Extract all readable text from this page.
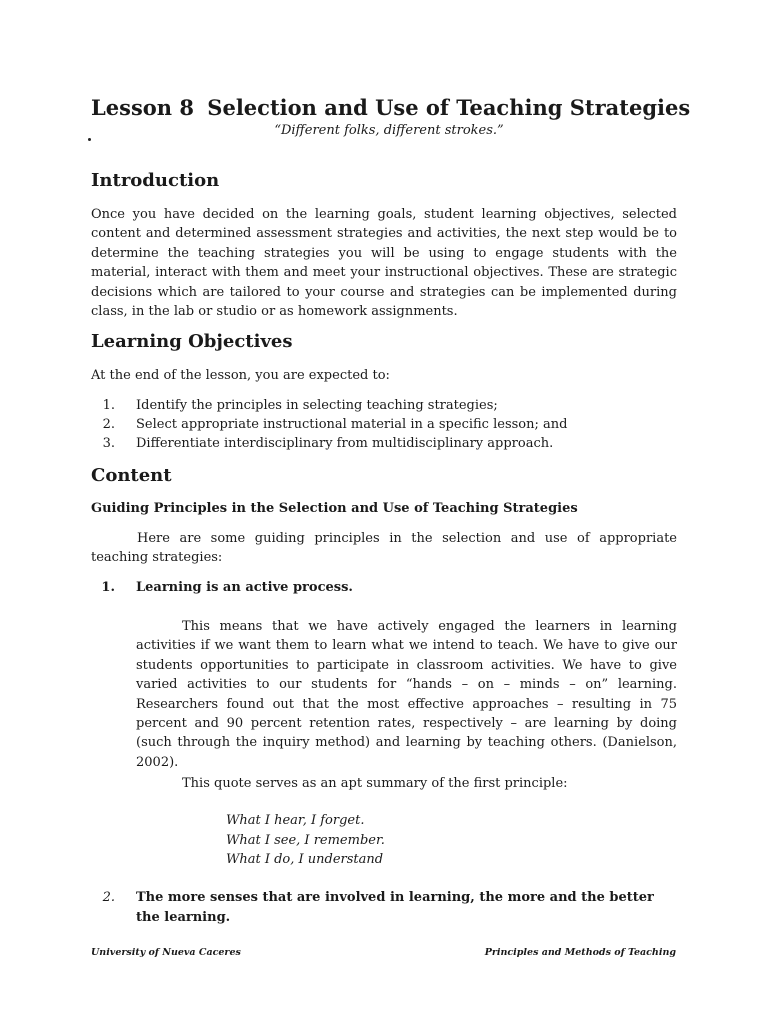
Lesson 8 Selection and Use of Teaching Strategies
“Different folks, different strokes.”
Introduction
Once you have decided on the learning goals, student learning objectives, selected content and determined assessment strategies and activities, the next step would be to determine the teaching strategies you will be using to engage students with the material, interact with them and meet your instructional objectives. These are strategic decisions which are tailored to your course and strategies can be implemented during class, in the lab or studio or as homework assignments.
Learning Objectives
At the end of the lesson, you are expected to:
1. Identify the principles in selecting teaching strategies;
2. Select appropriate instructional material in a specific lesson; and
3. Differentiate interdisciplinary from multidisciplinary approach.
Content
Guiding Principles in the Selection and Use of Teaching Strategies
Here are some guiding principles in the selection and use of appropriate teaching strategies:
1. Learning is an active process.
This means that we have actively engaged the learners in learning activities if we want them to learn what we intend to teach. We have to give our students opportunities to participate in classroom activities. We have to give varied activities to our students for “hands – on – minds – on” learning. Researchers found out that the most effective approaches – resulting in 75 percent and 90 percent retention rates, respectively – are learning by doing (such through the inquiry method) and learning by teaching others. (Danielson, 2002).
This quote serves as an apt summary of the first principle:
What I hear, I forget.
What I see, I remember.
What I do, I understand
2. The more senses that are involved in learning, the more and the better the learning.
University of Nueva Caceres	Principles and Methods of Teaching
